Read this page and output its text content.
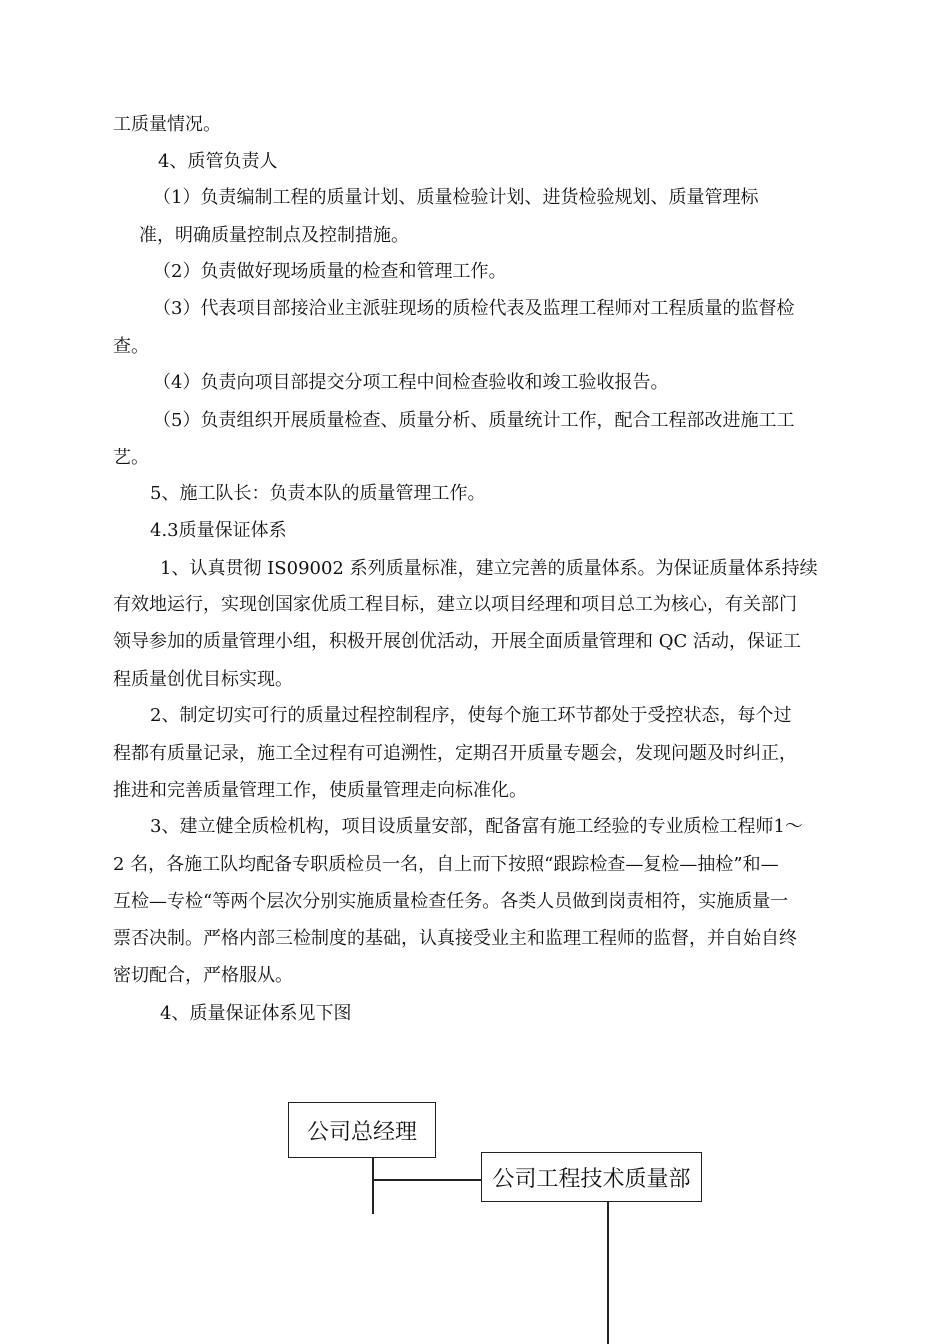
工质量情况。
4、质管负责人
（1）负责编制工程的质量计划、质量检验计划、进货检验规划、质量管理标
准，明确质量控制点及控制措施。
（2）负责做好现场质量的检查和管理工作。
（3）代表项目部接洽业主派驻现场的质检代表及监理工程师对工程质量的监督检
查。
（4）负责向项目部提交分项工程中间检查验收和竣工验收报告。
（5）负责组织开展质量检查、质量分析、质量统计工作，配合工程部改进施工工
艺。
5、施工队长：负责本队的质量管理工作。
4.3质量保证体系
1、认真贯彻 IS09002 系列质量标准，建立完善的质量体系。为保证质量体系持续
有效地运行，实现创国家优质工程目标，建立以项目经理和项目总工为核心，有关部门
领导参加的质量管理小组，积极开展创优活动，开展全面质量管理和 QC 活动，保证工
程质量创优目标实现。
2、制定切实可行的质量过程控制程序，使每个施工环节都处于受控状态，每个过
程都有质量记录，施工全过程有可追溯性，定期召开质量专题会，发现问题及时纠正，
推进和完善质量管理工作，使质量管理走向标准化。
3、建立健全质检机构，项目设质量安部，配备富有施工经验的专业质检工程师1～
2 名，各施工队均配备专职质检员一名，自上而下按照“跟踪检查—复检—抽检”和—
互检—专检“等两个层次分别实施质量检查任务。各类人员做到岗责相符，实施质量一
票否决制。严格内部三检制度的基础，认真接受业主和监理工程师的监督，并自始自终
密切配合，严格服从。
4、质量保证体系见下图
公司总经理
公司工程技术质量部
